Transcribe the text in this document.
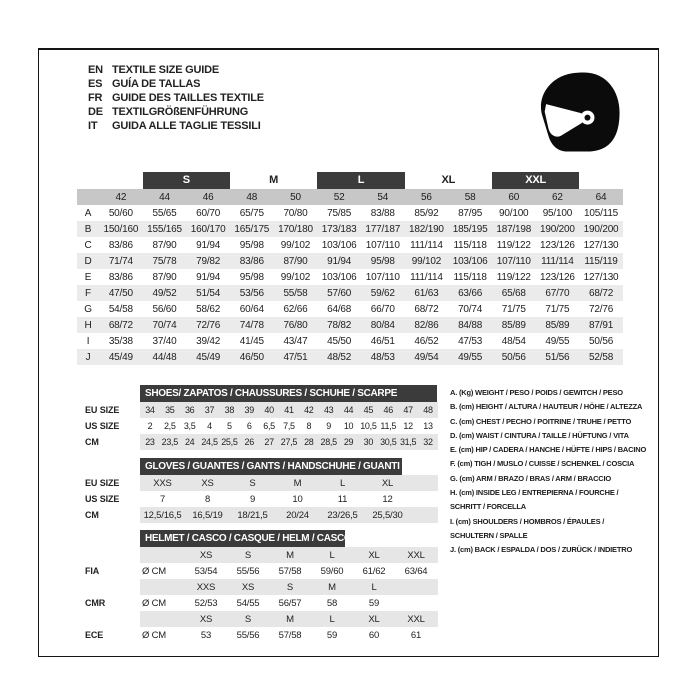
EN TEXTILE SIZE GUIDE
ES GUÍA DE TALLAS
FR GUIDE DES TAILLES TEXTILE
DE TEXTILGRÖßENFÜHRUNG
IT	GUIDA ALLE TAGLIE TESSILI
S	M	L	XL	XXL
42	44	46	48	50	52	54	56	58	60	62	64
A	50/60	55/65	60/70	65/75	70/80	75/85	83/88	85/92	87/95	90/100	95/100	105/115
B	150/160 155/165 160/170 165/175 170/180 173/183 177/187 182/190 185/195 187/198 190/200 190/200
C	83/86	87/90	91/94	95/98	99/102	103/106 107/110	111/114	115/118	119/122 123/126 127/130
D	71/74	75/78	79/82	83/86	87/90	91/94	95/98	99/102	103/106 107/110	111/114	115/119
E	83/86	87/90	91/94	95/98	99/102	103/106 107/110	111/114	115/118	119/122 123/126 127/130
F	47/50	49/52	51/54	53/56	55/58	57/60	59/62	61/63	63/66	65/68	67/70	68/72
G	54/58	56/60	58/62	60/64	62/66	64/68	66/70	68/72	70/74	71/75	71/75	72/76
H	68/72	70/74	72/76	74/78	76/80	78/82	80/84	82/86	84/88	85/89	85/89	87/91
I	35/38	37/40	39/42	41/45	43/47	45/50	46/51	46/52	47/53	48/54	49/55	50/56
J	45/49	44/48	45/49	46/50	47/51	48/52	48/53	49/54	49/55	50/56	51/56	52/58
SHOES/ ZAPATOS / CHAUSSURES / SCHUHE / SCARPE
EU SIZE	34	35	36	37	38	39	40	41	42	43	44	45	46	47	48
US SIZE	2	2,5 3,5	4	5	6	6,5 7,5	8	9	10 10,5 11,5 12	13
CM	23 23,5 24 24,5 25,5 26	27 27,5 28 28,5 29	30 30,5 31,5 32
GLOVES / GUANTES / GANTS / HANDSCHUHE / GUANTI
EU SIZE	XXS	XS	S	M	L	XL
US SIZE	7	8	9	10	11	12
CM	12,5/16,5	16,5/19	18/21,5	20/24	23/26,5	25,5/30
HELMET / CASCO / CASQUE / HELM / CASCO
XS	S	M	L	XL	XXL
FIA	Ø CM	53/54	55/56	57/58	59/60	61/62	63/64
XXS	XS	S	M	L
CMR	Ø CM	52/53	54/55	56/57	58	59
XS	S	M	L	XL	XXL
ECE	Ø CM	53	55/56	57/58	59	60	61
A. (Kg) WEIGHT / PESO / POIDS / GEWITCH / PESO
B. (cm) HEIGHT / ALTURA / HAUTEUR / HÖHE / ALTEZZA
C. (cm) CHEST / PECHO / POITRINE / TRUHE / PETTO
D. (cm) WAIST / CINTURA / TAILLE / HÜFTUNG / VITA
E. (cm) HIP / CADERA / HANCHE / HÜFTE / HIPS / BACINO
F. (cm) TIGH / MUSLO / CUISSE / SCHENKEL / COSCIA
G. (cm) ARM / BRAZO / BRAS / ARM / BRACCIO
H. (cm) INSIDE LEG / ENTREPIERNA / FOURCHE /
SCHRITT / FORCELLA
I. (cm) SHOULDERS / HOMBROS / ÉPAULES /
SCHULTERN / SPALLE
J. (cm) BACK / ESPALDA / DOS / ZURÜCK / INDIETRO
